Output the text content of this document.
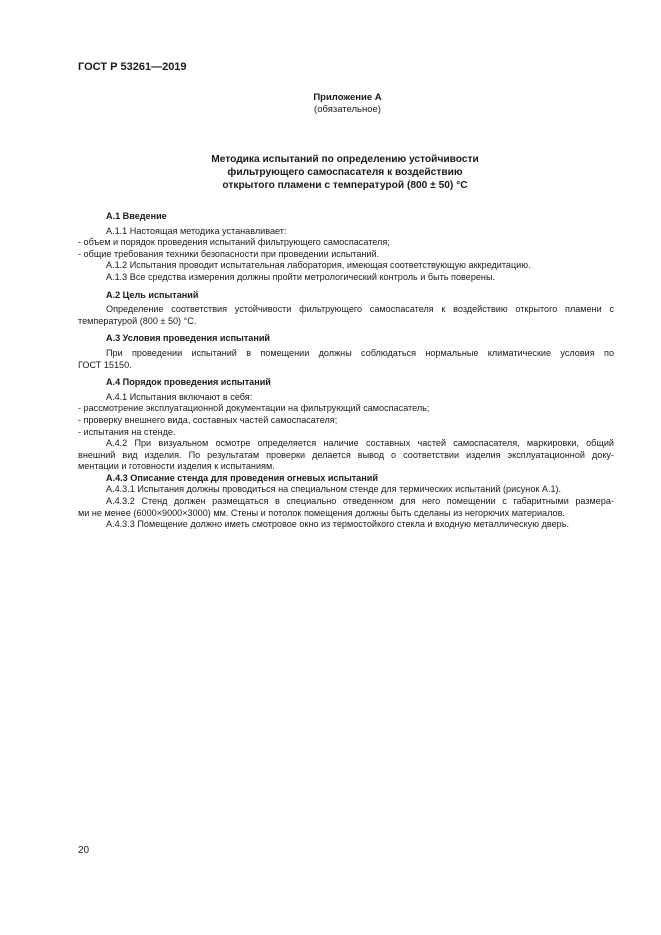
ГОСТ Р 53261—2019
Приложение А
(обязательное)
Методика испытаний по определению устойчивости
фильтрующего самоспасателя к воздействию
открытого пламени с температурой (800 ± 50) °С

А.1 Введение

А.1.1 Настоящая методика устанавливает:

- объем и порядок проведения испытаний фильтрующего самоспасателя;

- общие требования техники безопасности при проведении испытаний.

А.1.2 Испытания проводит испытательная лаборатория, имеющая соответствующую аккредитацию.

А.1.3 Все средства измерения должны пройти метрологический контроль и быть поверены.

А.2 Цель испытаний

Определение соответствия устойчивости фильтрующего самоспасателя к воздействию открытого пламени с

температурой (800 ± 50) °С.

А.3 Условия проведения испытаний

При проведении испытаний в помещении должны соблюдаться нормальные климатические условия по

ГОСТ 15150.

А.4 Порядок проведения испытаний

А.4.1 Испытания включают в себя:

- рассмотрение эксплуатационной документации на фильтрующий самоспасатель;

- проверку внешнего вида, составных частей самоспасателя;

- испытания на стенде.

А.4.2 При визуальном осмотре определяется наличие составных частей самоспасателя, маркировки, общий

внешний вид изделия. По результатам проверки делается вывод о соответствии изделия эксплуатационной доку-

ментации и готовности изделия к испытаниям.

А.4.3 Описание стенда для проведения огневых испытаний

А.4.3.1 Испытания должны проводиться на специальном стенде для термических испытаний (рисунок А.1).

А.4.3.2 Стенд должен размещаться в специально отведенном для него помещении с габаритными размера-

ми не менее (6000×9000×3000) мм. Стены и потолок помещения должны быть сделаны из негорючих материалов.

А.4.3.3 Помещение должно иметь смотровое окно из термостойкого стекла и входную металлическую дверь.

20
